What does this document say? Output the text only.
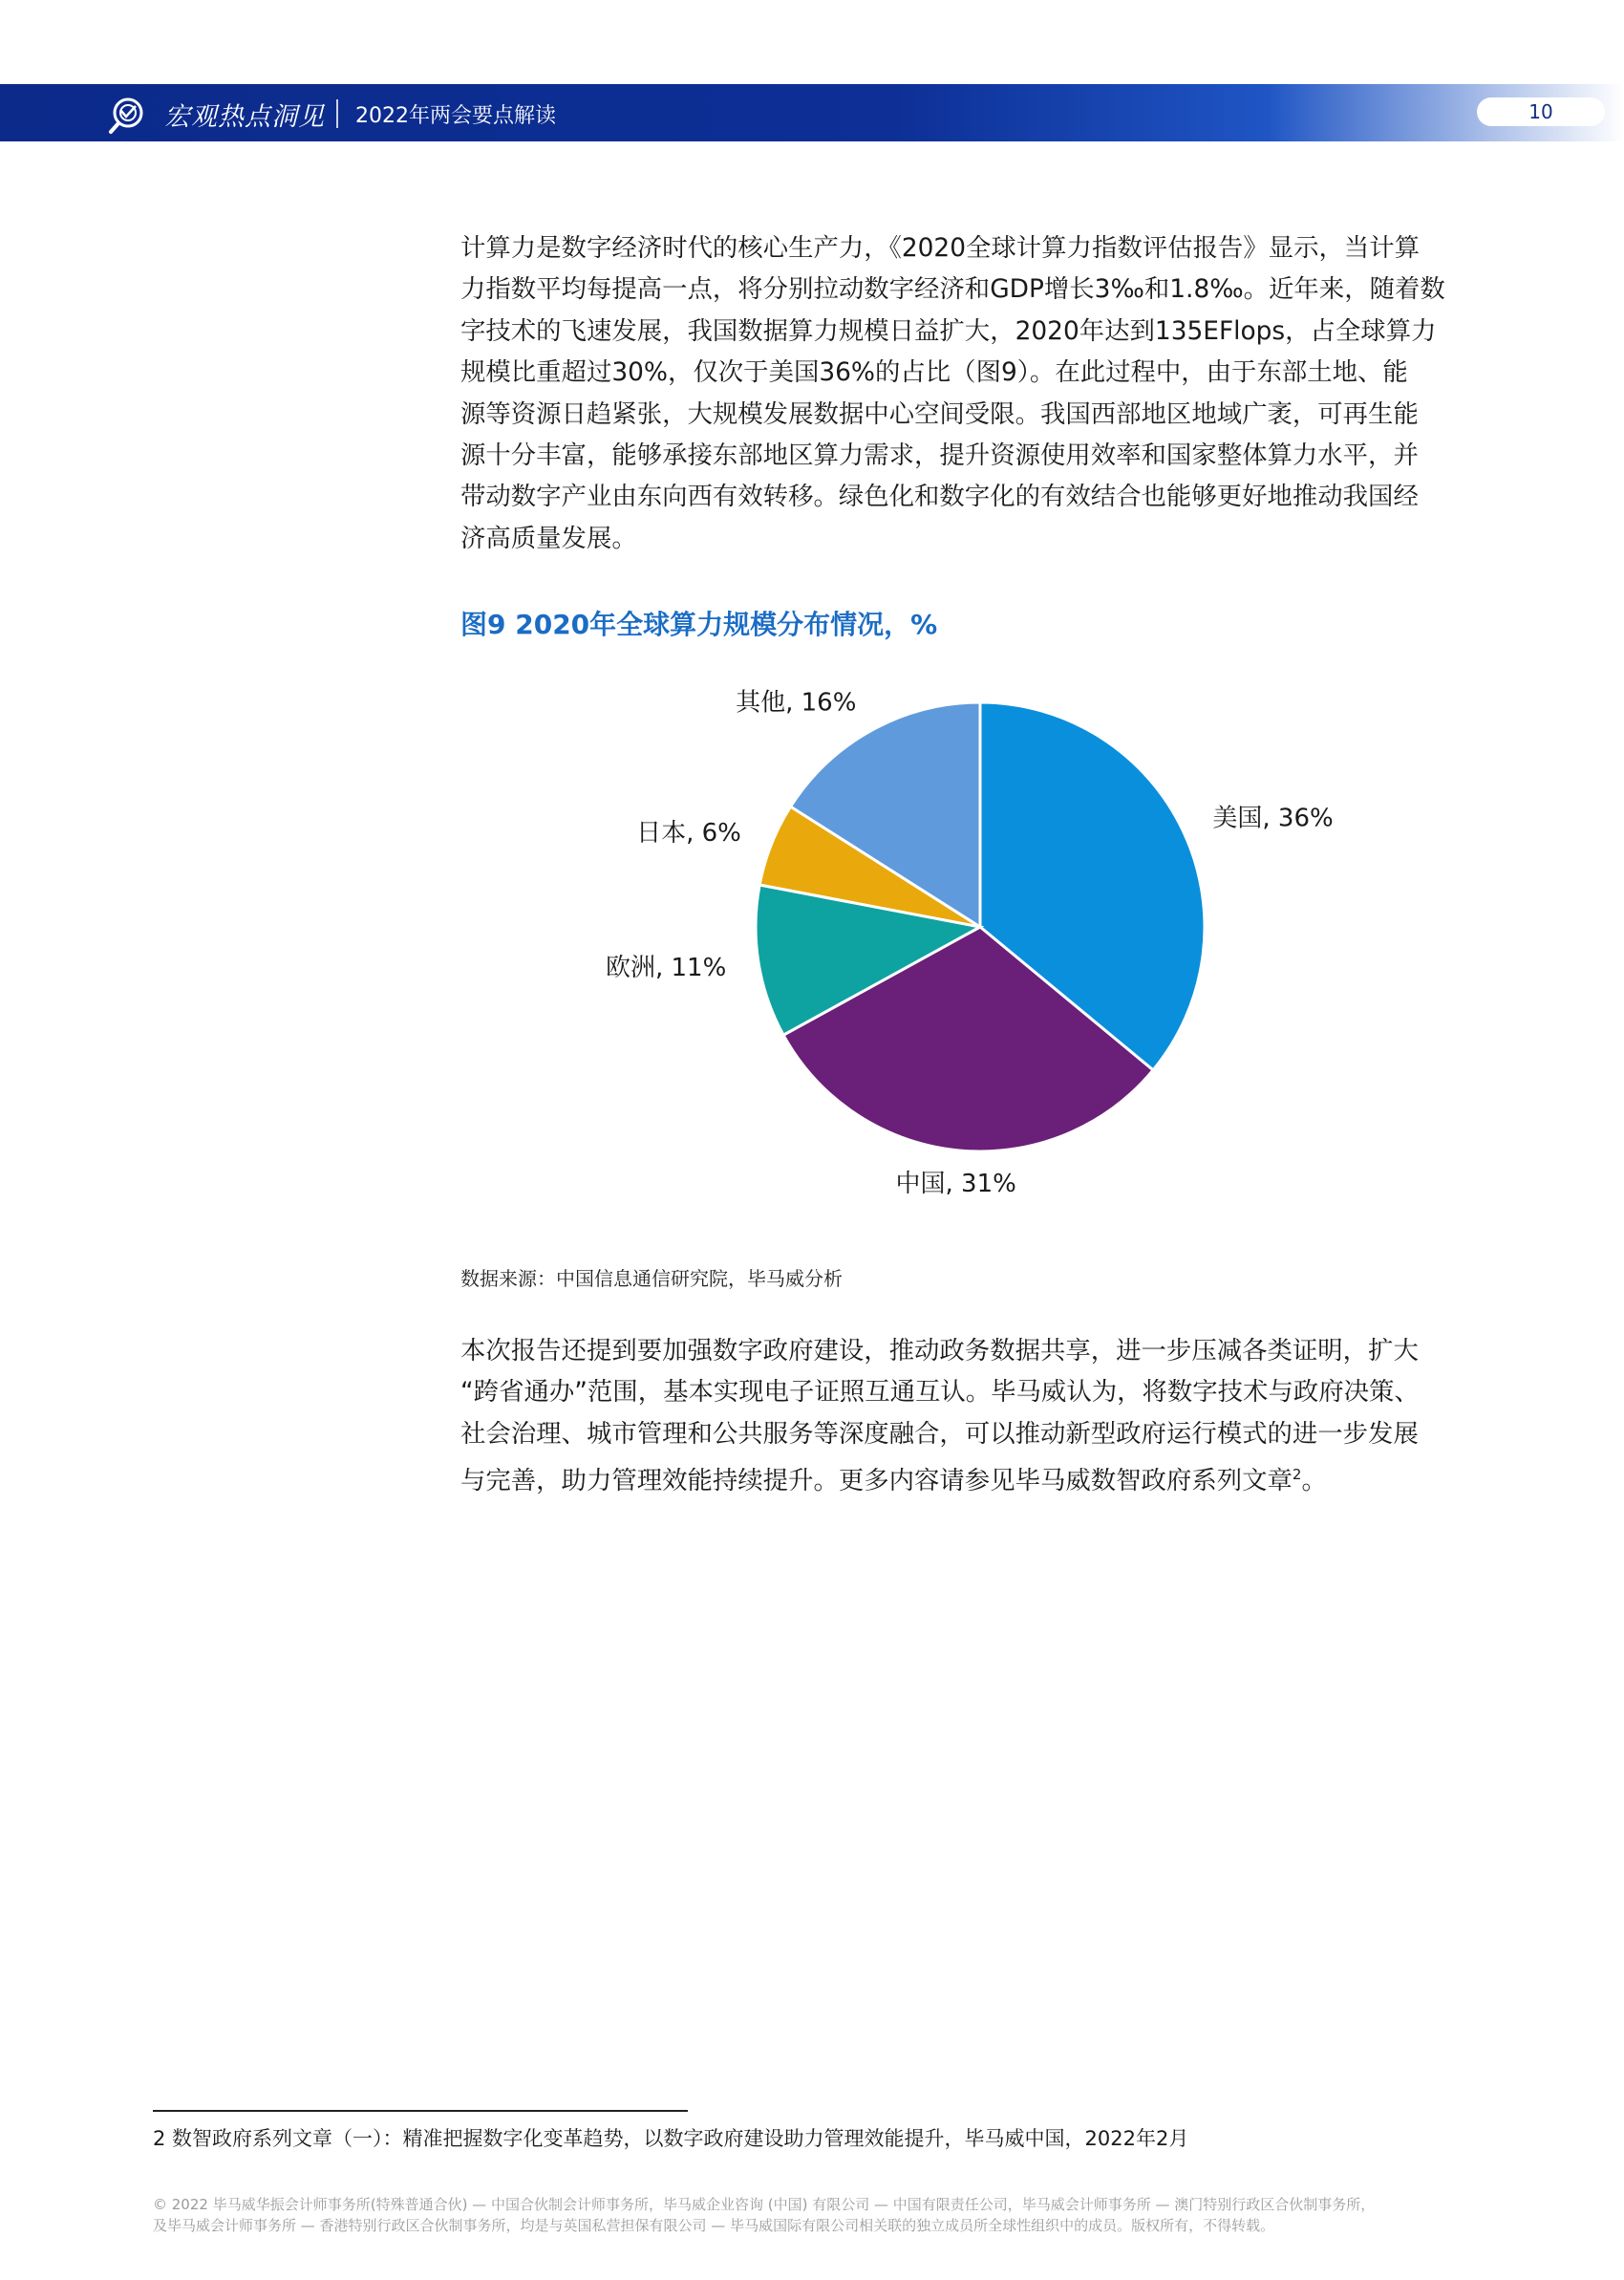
宏观热点洞见 2022年两会要点解读	10
计算力是数字经济时代的核心生产力，《2020全球计算力指数评估报告》显示，当计算
力指数平均每提高一点，将分别拉动数字经济和GDP增长3‰和1.8‰。近年来，随着数
字技术的飞速发展，我国数据算力规模日益扩大，2020年达到135EFlops，占全球算力
规模比重超过30%，仅次于美国36%的占比（图9）。在此过程中，由于东部土地、能
源等资源日趋紧张，大规模发展数据中心空间受限。我国西部地区地域广袤，可再生能
源十分丰富，能够承接东部地区算力需求，提升资源使用效率和国家整体算力水平，并
带动数字产业由东向西有效转移。绿色化和数字化的有效结合也能够更好地推动我国经
济高质量发展。
图9 2020年全球算力规模分布情况，%
美国, 36%
中国, 31%
欧洲, 11%
日本, 6%
其他, 16%
数据来源：中国信息通信研究院，毕马威分析
本次报告还提到要加强数字政府建设，推动政务数据共享，进一步压减各类证明，扩大
“跨省通办”范围，基本实现电子证照互通互认。毕马威认为，将数字技术与政府决策、
社会治理、城市管理和公共服务等深度融合，可以推动新型政府运行模式的进一步发展
与完善，助力管理效能持续提升。更多内容请参见毕马威数智政府系列文章$^2$。
2 数智政府系列文章（一）：精准把握数字化变革趋势，以数字政府建设助力管理效能提升，毕马威中国，2022年2月
© 2022 毕马威华振会计师事务所(特殊普通合伙) — 中国合伙制会计师事务所，毕马威企业咨询 (中国) 有限公司 — 中国有限责任公司，毕马威会计师事务所 — 澳门特别行政区合伙制事务所，
及毕马威会计师事务所 — 香港特别行政区合伙制事务所，均是与英国私营担保有限公司 — 毕马威国际有限公司相关联的独立成员所全球性组织中的成员。版权所有，不得转载。
